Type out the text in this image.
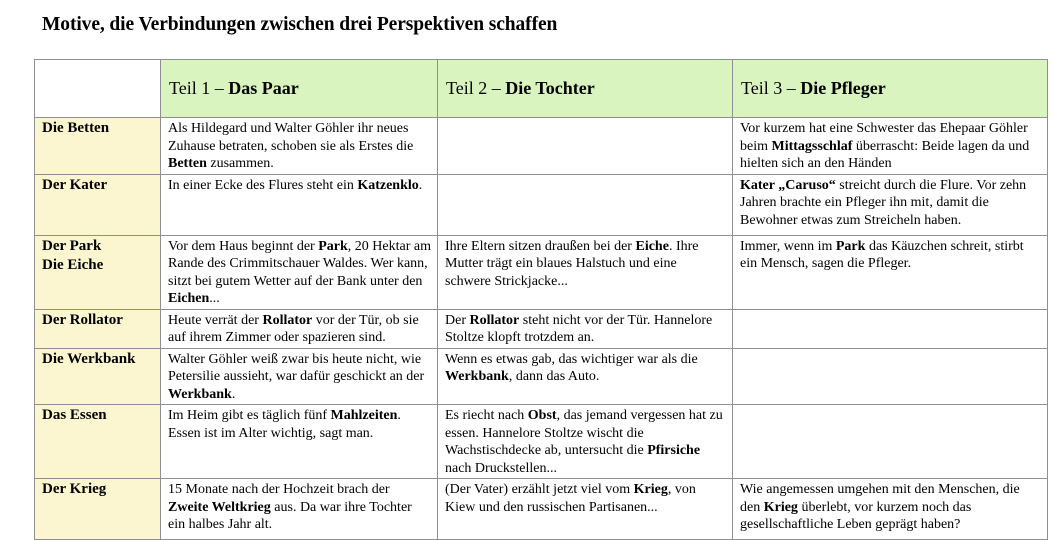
Motive, die Verbindungen zwischen drei Perspektiven schaffen
	Teil 1 – Das Paar	Teil 2 – Die Tochter	Teil 3 – Die Pfleger
Die Betten	Als Hildegard und Walter Göhler ihr neues Zuhause betraten, schoben sie als Erstes die Betten zusammen.		Vor kurzem hat eine Schwester das Ehepaar Göhler beim Mittagsschlaf überrascht: Beide lagen da und hielten sich an den Händen
Der Kater	In einer Ecke des Flures steht ein Katzenklo.		Kater „Caruso“ streicht durch die Flure. Vor zehn Jahren brachte ein Pfleger ihn mit, damit die Bewohner etwas zum Streicheln haben.
Der Park
Die Eiche	Vor dem Haus beginnt der Park, 20 Hektar am Rande des Crimmitschauer Waldes. Wer kann, sitzt bei gutem Wetter auf der Bank unter den Eichen...	Ihre Eltern sitzen draußen bei der Eiche. Ihre Mutter trägt ein blaues Halstuch und eine schwere Strickjacke...	Immer, wenn im Park das Käuzchen schreit, stirbt ein Mensch, sagen die Pfleger.
Der Rollator	Heute verrät der Rollator vor der Tür, ob sie auf ihrem Zimmer oder spazieren sind.	Der Rollator steht nicht vor der Tür. Hannelore Stoltze klopft trotzdem an.	
Die Werkbank	Walter Göhler weiß zwar bis heute nicht, wie Petersilie aussieht, war dafür geschickt an der Werkbank.	Wenn es etwas gab, das wichtiger war als die Werkbank, dann das Auto.	
Das Essen	Im Heim gibt es täglich fünf Mahlzeiten. Essen ist im Alter wichtig, sagt man.	Es riecht nach Obst, das jemand vergessen hat zu essen. Hannelore Stoltze wischt die Wachstischdecke ab, untersucht die Pfirsiche nach Druckstellen...	
Der Krieg	15 Monate nach der Hochzeit brach der Zweite Weltkrieg aus. Da war ihre Tochter ein halbes Jahr alt.	(Der Vater) erzählt jetzt viel vom Krieg, von Kiew und den russischen Partisanen...	Wie angemessen umgehen mit den Menschen, die den Krieg überlebt, vor kurzem noch das gesellschaftliche Leben geprägt haben?
